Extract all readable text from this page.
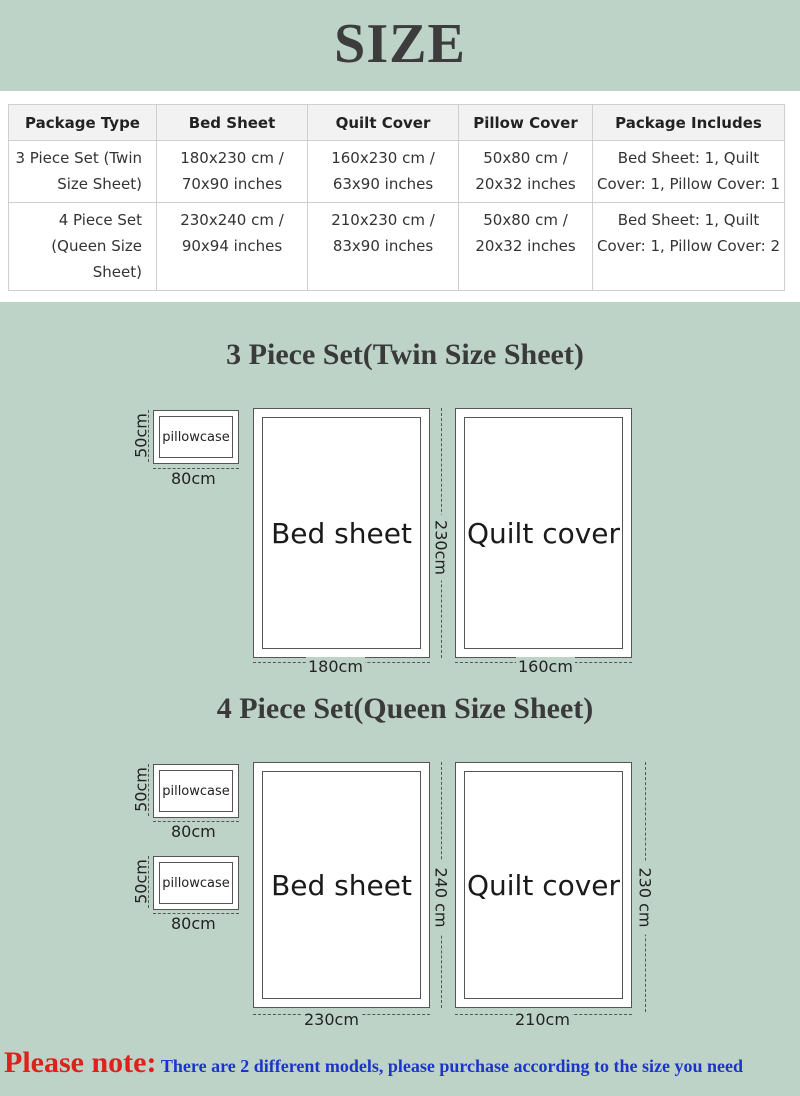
SIZE
Package Type	Bed Sheet	Quilt Cover	Pillow Cover	Package Includes

3 Piece Set (Twin
Size Sheet)	180x230 cm /
70x90 inches	160x230 cm /
63x90 inches	50x80 cm /
20x32 inches	Bed Sheet: 1, Quilt
Cover: 1, Pillow Cover: 1

4 Piece Set
(Queen Size
Sheet)	230x240 cm /
90x94 inches	210x230 cm /
83x90 inches	50x80 cm /
20x32 inches	Bed Sheet: 1, Quilt
Cover: 1, Pillow Cover: 2
3 Piece Set(Twin Size Sheet)
50cm pillowcase
80cm
Bed sheet
180cm
230cm Quilt cover
160cm
4 Piece Set(Queen Size Sheet)
50cm pillowcase
80cm
50cm pillowcase
80cm
Bed sheet
230cm
240 cm Quilt cover
210cm
230 cm
Please note: There are 2 different models, please purchase according to the size you need
